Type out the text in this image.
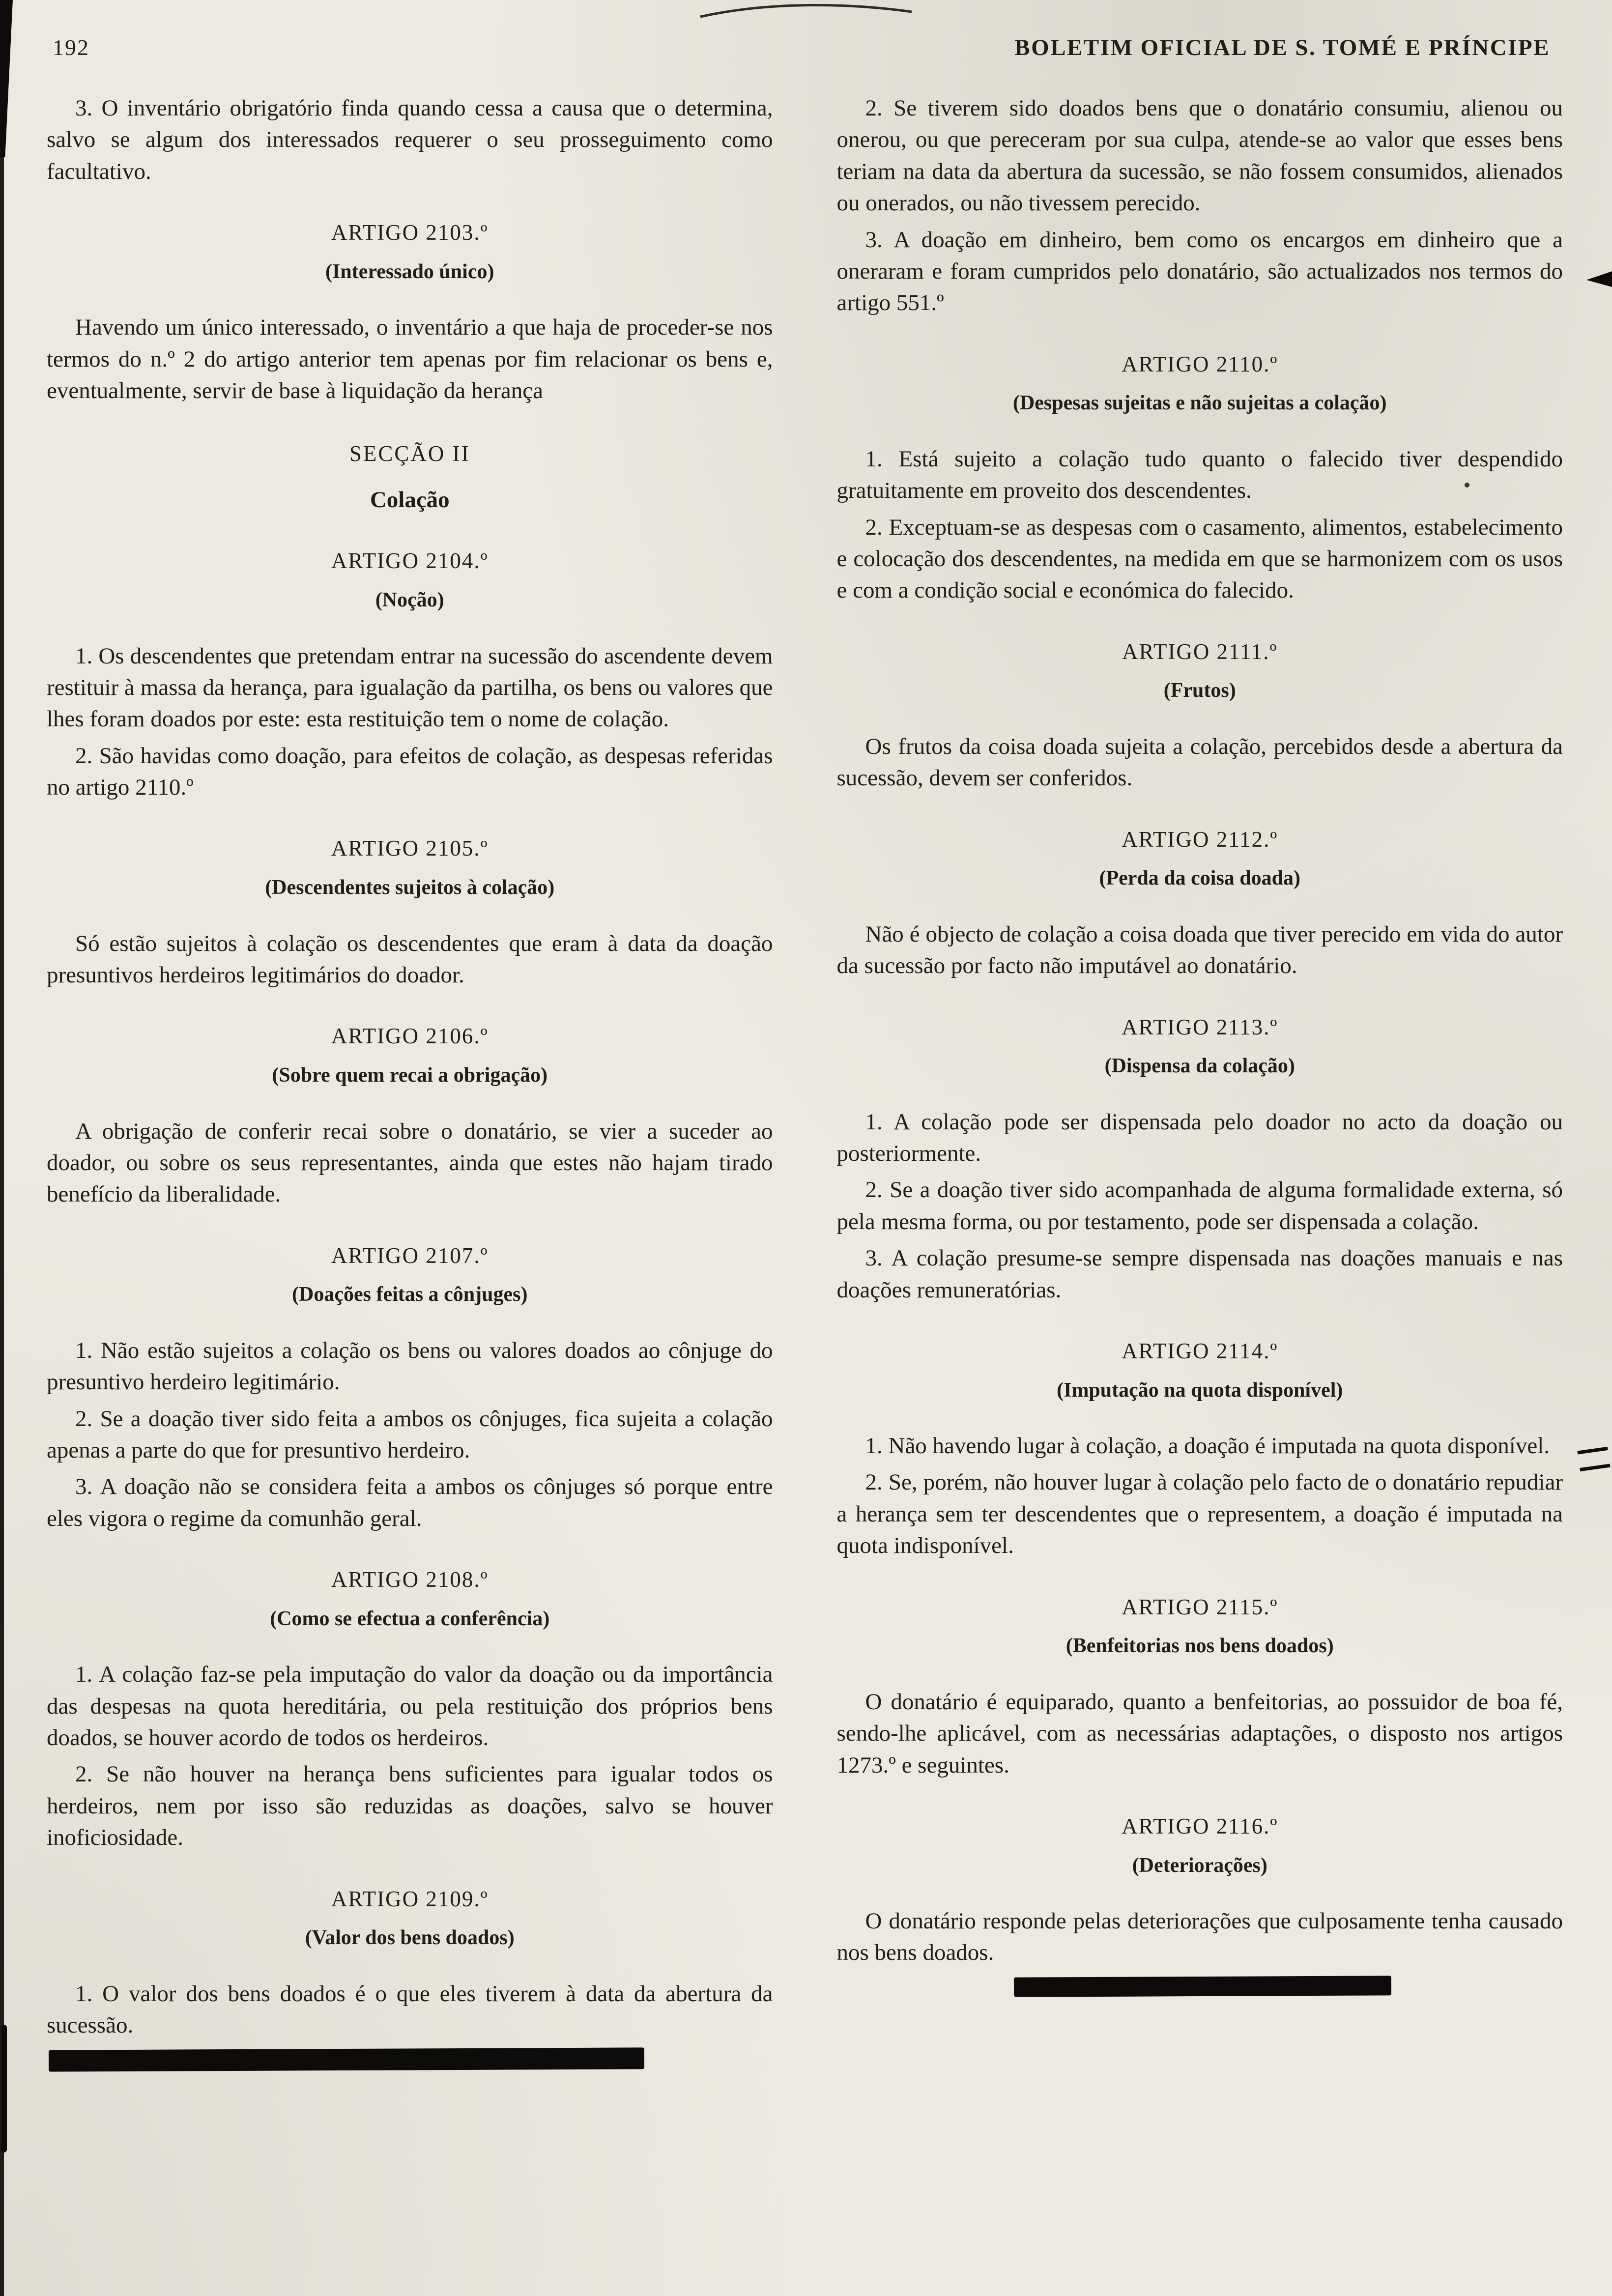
192	BOLETIM OFICIAL DE S. TOMÉ E PRÍNCIPE

3. O inventário obrigatório finda quando cessa a causa que o determina, salvo se algum dos interessados requerer o seu prosseguimento como facultativo.

ARTIGO 2103.º
(Interessado único)

Havendo um único interessado, o inventário a que haja de proceder-se nos termos do n.º 2 do artigo anterior tem apenas por fim relacionar os bens e, eventualmente, servir de base à liquidação da herança

SECÇÃO II
Colação
ARTIGO 2104.º
(Noção)

1. Os descendentes que pretendam entrar na sucessão do ascendente devem restituir à massa da herança, para igualação da partilha, os bens ou valores que lhes foram doados por este: esta restituição tem o nome de colação.

2. São havidas como doação, para efeitos de colação, as despesas referidas no artigo 2110.º

ARTIGO 2105.º
(Descendentes sujeitos à colação)

Só estão sujeitos à colação os descendentes que eram à data da doação presuntivos herdeiros legitimários do doador.

ARTIGO 2106.º
(Sobre quem recai a obrigação)

A obrigação de conferir recai sobre o donatário, se vier a suceder ao doador, ou sobre os seus representantes, ainda que estes não hajam tirado benefício da liberalidade.

ARTIGO 2107.º
(Doações feitas a cônjuges)

1. Não estão sujeitos a colação os bens ou valores doados ao cônjuge do presuntivo herdeiro legitimário.

2. Se a doação tiver sido feita a ambos os cônjuges, fica sujeita a colação apenas a parte do que for presuntivo herdeiro.

3. A doação não se considera feita a ambos os cônjuges só porque entre eles vigora o regime da comunhão geral.

ARTIGO 2108.º
(Como se efectua a conferência)

1. A colação faz-se pela imputação do valor da doação ou da importância das despesas na quota hereditária, ou pela restituição dos próprios bens doados, se houver acordo de todos os herdeiros.

2. Se não houver na herança bens suficientes para igualar todos os herdeiros, nem por isso são reduzidas as doações, salvo se houver inoficiosidade.

ARTIGO 2109.º
(Valor dos bens doados)

1. O valor dos bens doados é o que eles tiverem à data da abertura da sucessão.

2. Se tiverem sido doados bens que o donatário consumiu, alienou ou onerou, ou que pereceram por sua culpa, atende-se ao valor que esses bens teriam na data da abertura da sucessão, se não fossem consumidos, alienados ou onerados, ou não tivessem perecido.

3. A doação em dinheiro, bem como os encargos em dinheiro que a oneraram e foram cumpridos pelo donatário, são actualizados nos termos do artigo 551.º

ARTIGO 2110.º
(Despesas sujeitas e não sujeitas a colação)

1. Está sujeito a colação tudo quanto o falecido tiver despendido gratuitamente em proveito dos descendentes.

2. Exceptuam-se as despesas com o casamento, alimentos, estabelecimento e colocação dos descendentes, na medida em que se harmonizem com os usos e com a condição social e económica do falecido.

ARTIGO 2111.º
(Frutos)

Os frutos da coisa doada sujeita a colação, percebidos desde a abertura da sucessão, devem ser conferidos.

ARTIGO 2112.º
(Perda da coisa doada)

Não é objecto de colação a coisa doada que tiver perecido em vida do autor da sucessão por facto não imputável ao donatário.

ARTIGO 2113.º
(Dispensa da colação)

1. A colação pode ser dispensada pelo doador no acto da doação ou posteriormente.

2. Se a doação tiver sido acompanhada de alguma formalidade externa, só pela mesma forma, ou por testamento, pode ser dispensada a colação.

3. A colação presume-se sempre dispensada nas doações manuais e nas doações remuneratórias.

ARTIGO 2114.º
(Imputação na quota disponível)

1. Não havendo lugar à colação, a doação é imputada na quota disponível.

2. Se, porém, não houver lugar à colação pelo facto de o donatário repudiar a herança sem ter descendentes que o representem, a doação é imputada na quota indisponível.

ARTIGO 2115.º
(Benfeitorias nos bens doados)

O donatário é equiparado, quanto a benfeitorias, ao possuidor de boa fé, sendo-lhe aplicável, com as necessárias adaptações, o disposto nos artigos 1273.º e seguintes.

ARTIGO 2116.º
(Deteriorações)

O donatário responde pelas deteriorações que culposamente tenha causado nos bens doados.
